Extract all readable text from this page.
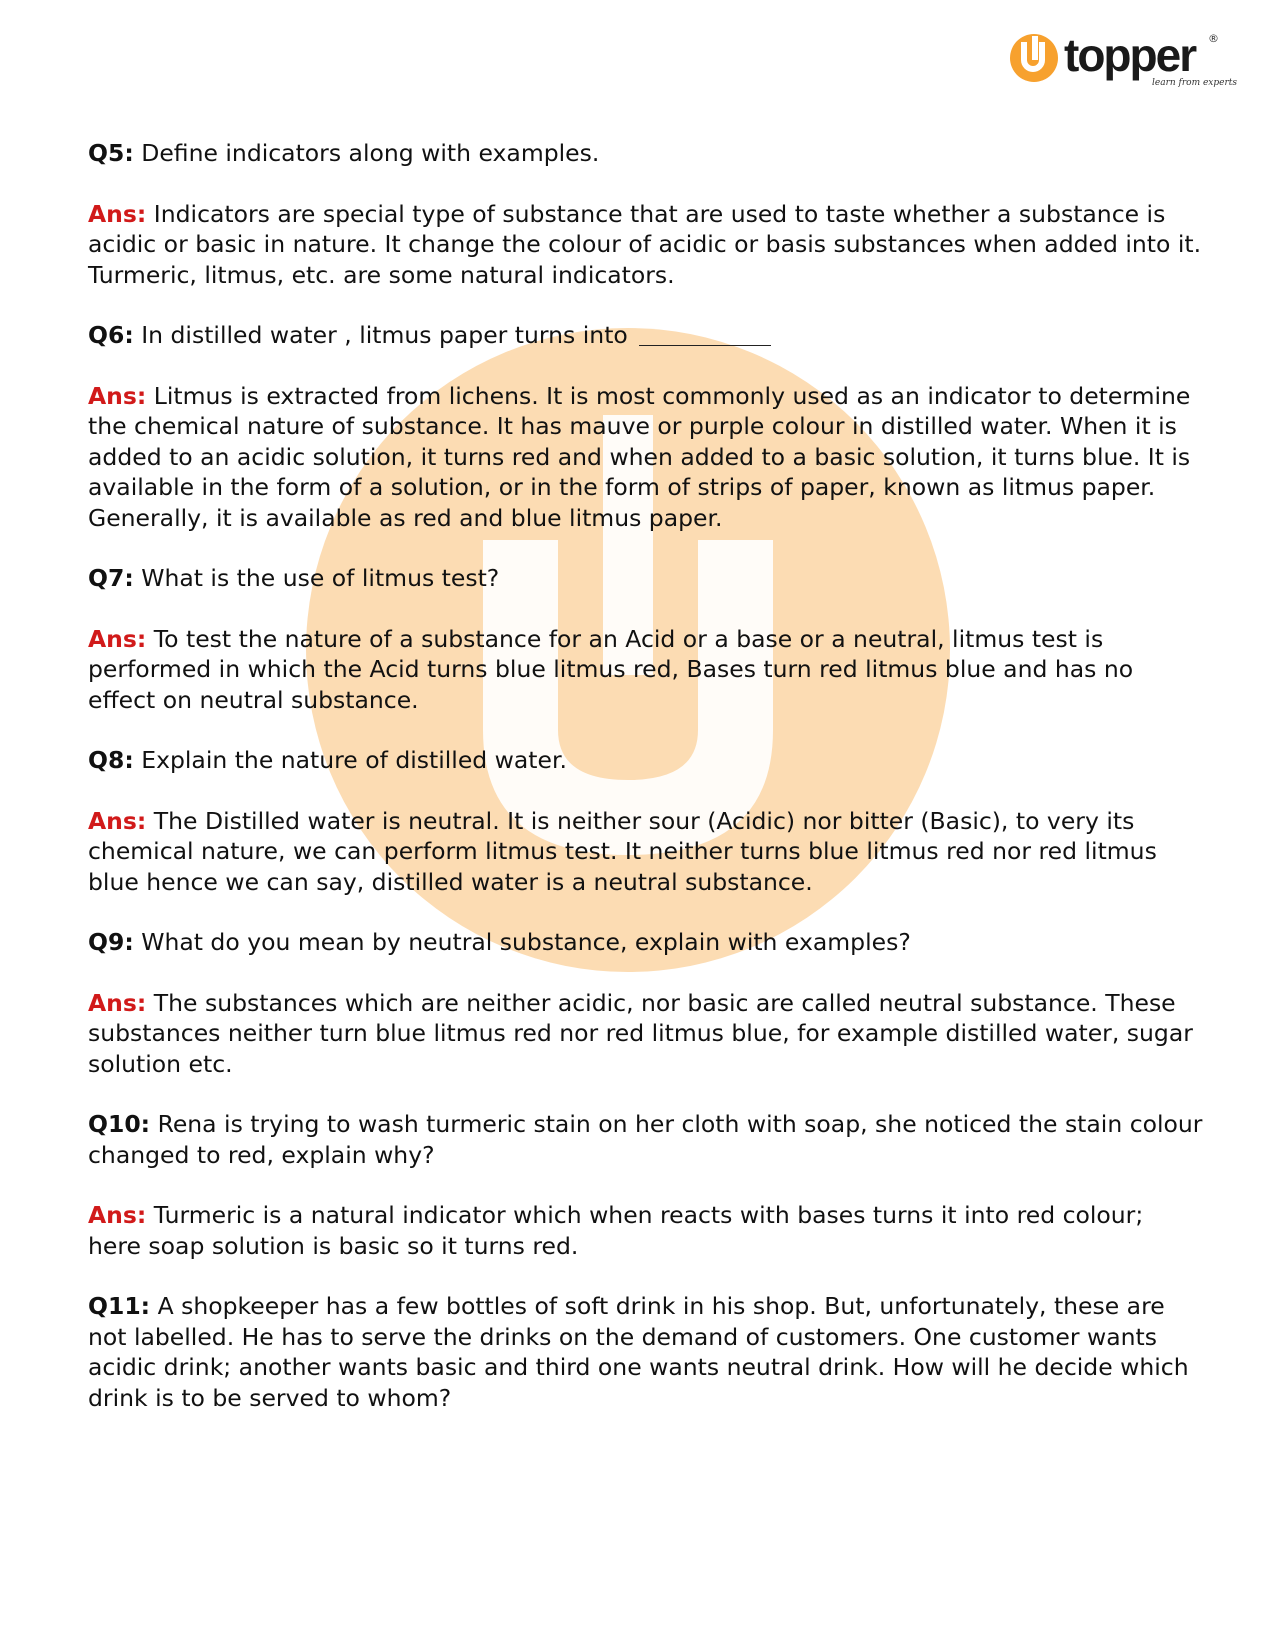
topper ®
learn from experts
Q5: Define indicators along with examples.
Ans: Indicators are special type of substance that are used to taste whether a substance is acidic or basic in nature. It change the colour of acidic or basis substances when added into it. Turmeric, litmus, etc. are some natural indicators.
Q6: In distilled water , litmus paper turns into
Ans: Litmus is extracted from lichens. It is most commonly used as an indicator to determine the chemical nature of substance. It has mauve or purple colour in distilled water. When it is added to an acidic solution, it turns red and when added to a basic solution, it turns blue. It is available in the form of a solution, or in the form of strips of paper, known as litmus paper. Generally, it is available as red and blue litmus paper.
Q7: What is the use of litmus test?
Ans: To test the nature of a substance for an Acid or a base or a neutral, litmus test is performed in which the Acid turns blue litmus red, Bases turn red litmus blue and has no effect on neutral substance.
Q8: Explain the nature of distilled water.
Ans: The Distilled water is neutral. It is neither sour (Acidic) nor bitter (Basic), to very its chemical nature, we can perform litmus test. It neither turns blue litmus red nor red litmus blue hence we can say, distilled water is a neutral substance.
Q9: What do you mean by neutral substance, explain with examples?
Ans: The substances which are neither acidic, nor basic are called neutral substance. These substances neither turn blue litmus red nor red litmus blue, for example distilled water, sugar solution etc.
Q10: Rena is trying to wash turmeric stain on her cloth with soap, she noticed the stain colour changed to red, explain why?
Ans: Turmeric is a natural indicator which when reacts with bases turns it into red colour; here soap solution is basic so it turns red.
Q11: A shopkeeper has a few bottles of soft drink in his shop. But, unfortunately, these are not labelled. He has to serve the drinks on the demand of customers. One customer wants acidic drink; another wants basic and third one wants neutral drink. How will he decide which drink is to be served to whom?
